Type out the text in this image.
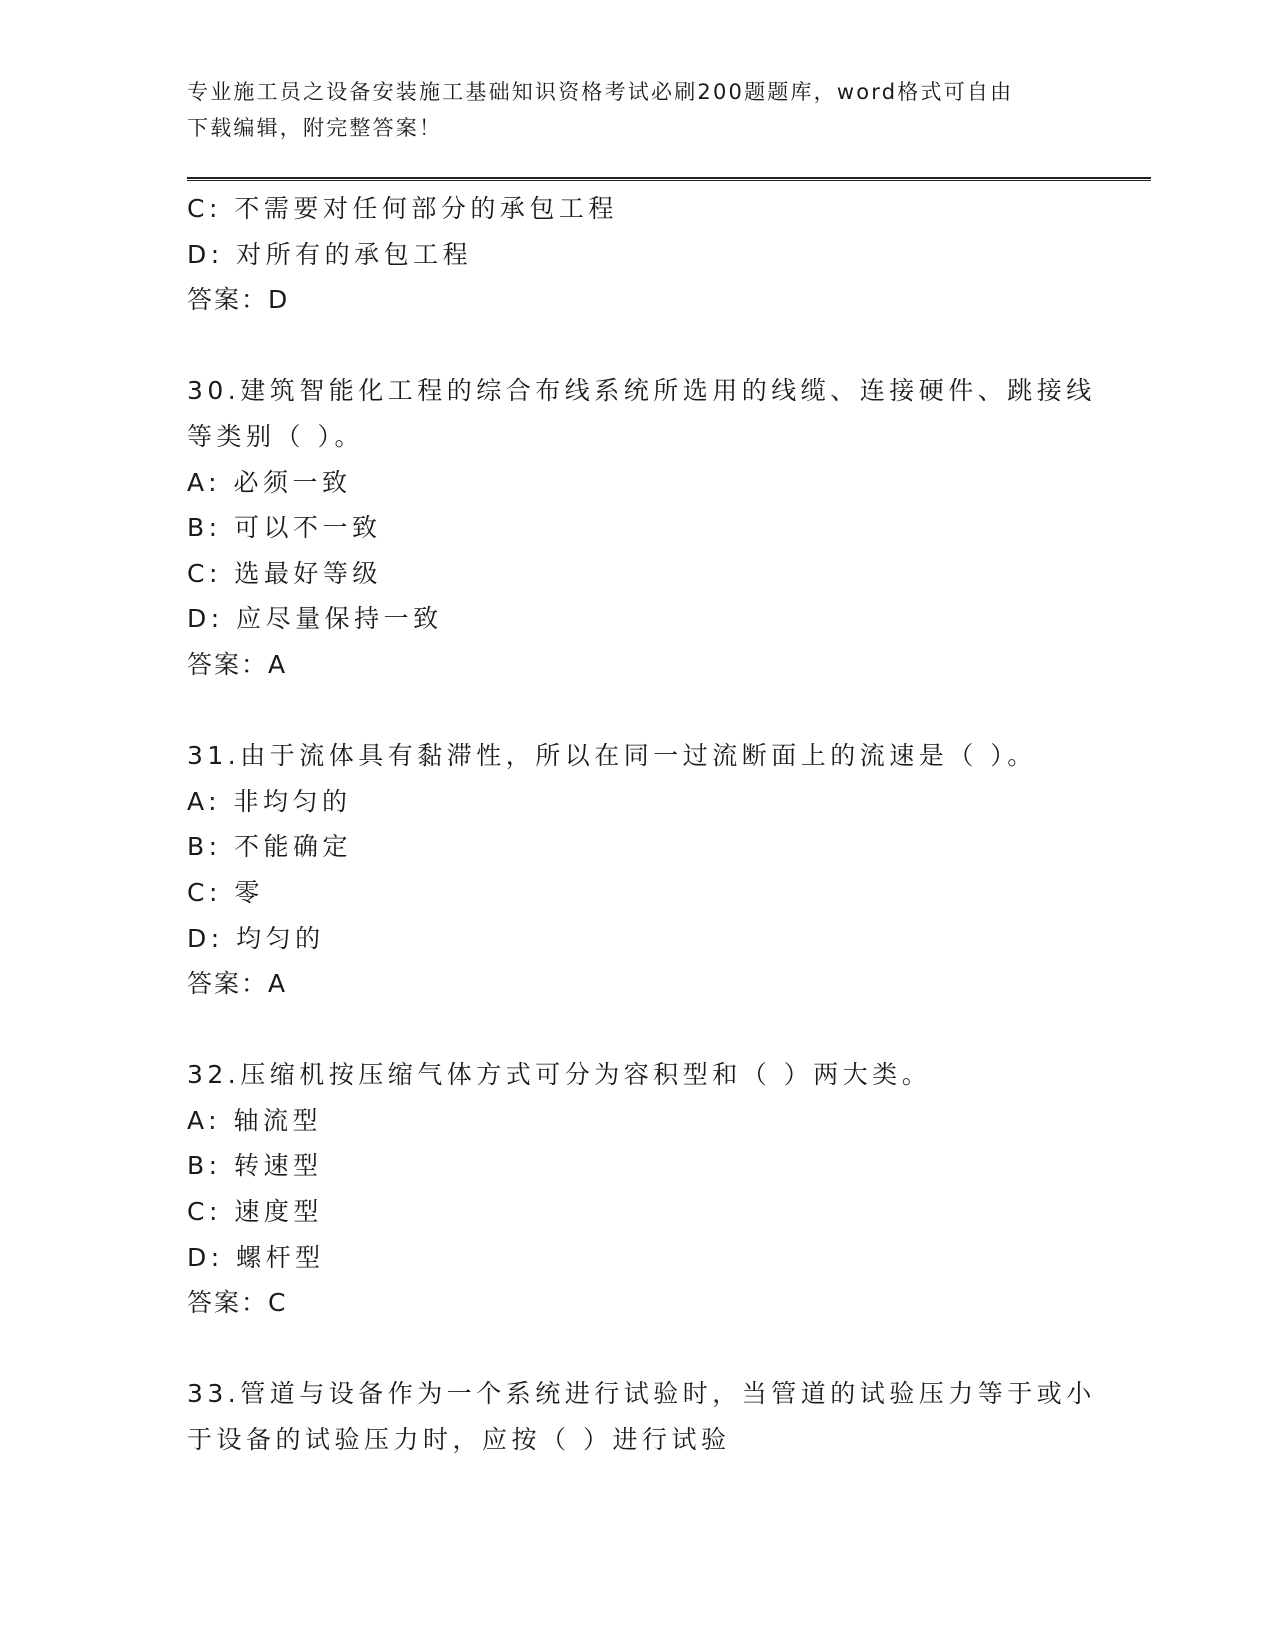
专业施工员之设备安装施工基础知识资格考试必刷200题题库，word格式可自由
下载编辑，附完整答案！
C: 不需要对任何部分的承包工程
D: 对所有的承包工程
答案：D
30.建筑智能化工程的综合布线系统所选用的线缆、连接硬件、跳接线
等类别（ ）。
A: 必须一致
B: 可以不一致
C: 选最好等级
D: 应尽量保持一致
答案：A
31.由于流体具有黏滞性，所以在同一过流断面上的流速是（ ）。
A: 非均匀的
B: 不能确定
C: 零
D: 均匀的
答案：A
32.压缩机按压缩气体方式可分为容积型和（ ）两大类。
A: 轴流型
B: 转速型
C: 速度型
D: 螺杆型
答案：C
33.管道与设备作为一个系统进行试验时，当管道的试验压力等于或小
于设备的试验压力时，应按（ ）进行试验
